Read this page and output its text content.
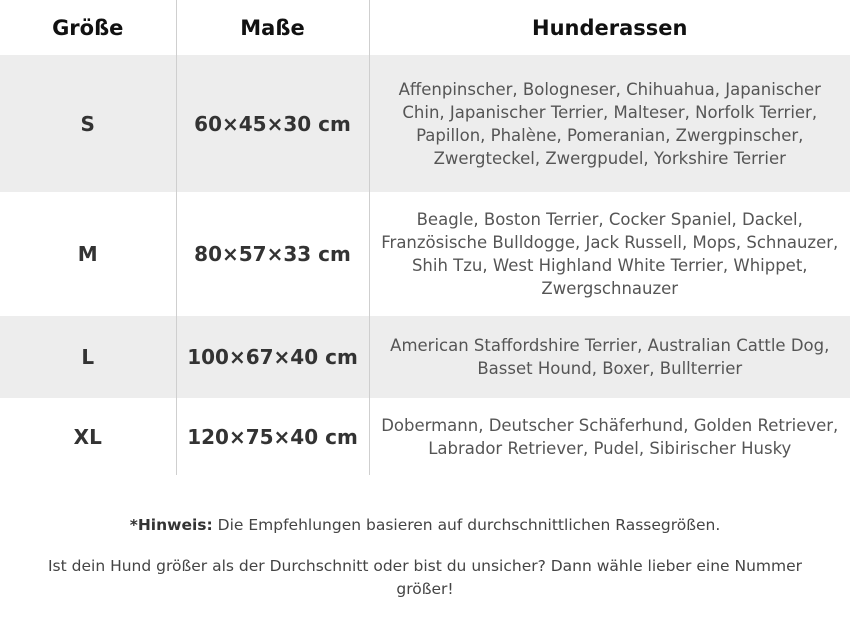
Größe	Maße	Hunderassen
S	60×45×30 cm	Affenpinscher, Bologneser, Chihuahua, Japanischer Chin, Japanischer Terrier, Malteser, Norfolk Terrier, Papillon, Phalène, Pomeranian, Zwergpinscher, Zwergteckel, Zwergpudel, Yorkshire Terrier
M	80×57×33 cm	Beagle, Boston Terrier, Cocker Spaniel, Dackel, Französische Bulldogge, Jack Russell, Mops, Schnauzer, Shih Tzu, West Highland White Terrier, Whippet, Zwergschnauzer
L	100×67×40 cm	American Staffordshire Terrier, Australian Cattle Dog, Basset Hound, Boxer, Bullterrier
XL	120×75×40 cm	Dobermann, Deutscher Schäferhund, Golden Retriever, Labrador Retriever, Pudel, Sibirischer Husky

*Hinweis: Die Empfehlungen basieren auf durchschnittlichen Rassegrößen.

Ist dein Hund größer als der Durchschnitt oder bist du unsicher? Dann wähle lieber eine Nummer größer!
